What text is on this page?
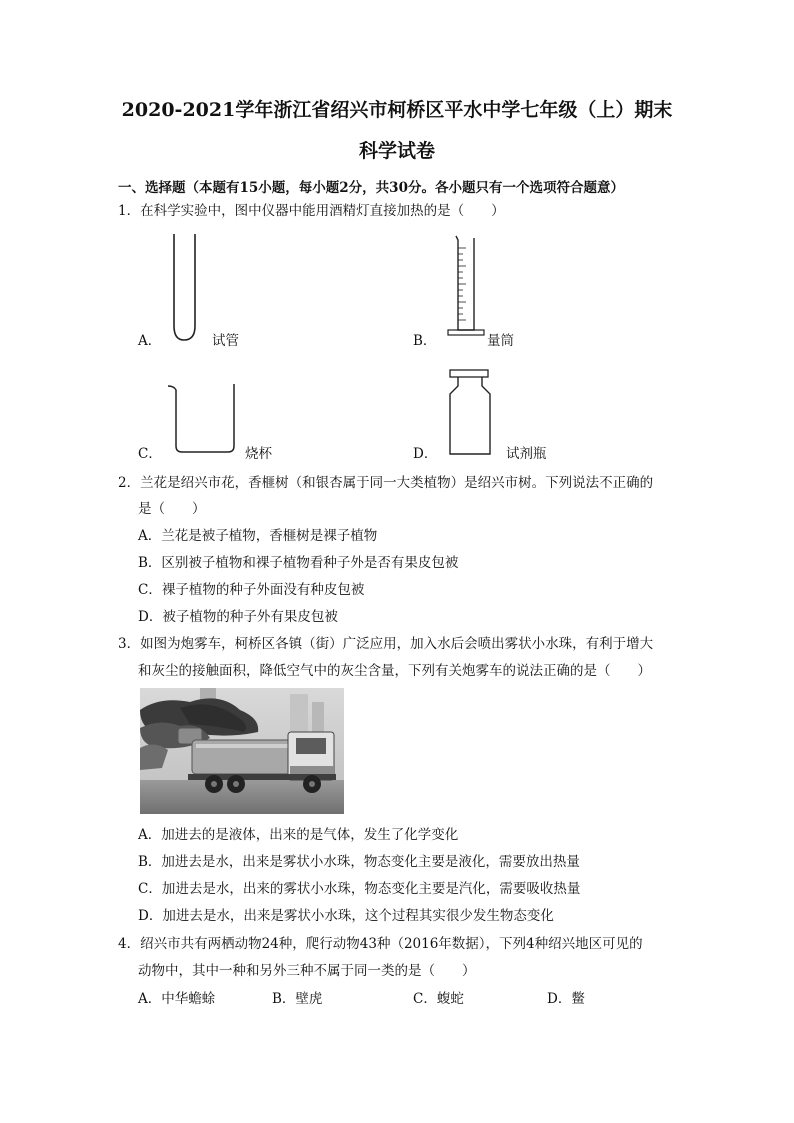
2020-2021学年浙江省绍兴市柯桥区平水中学七年级（上）期末
科学试卷
一、选择题（本题有15小题，每小题2分，共30分。各小题只有一个选项符合题意）
1．在科学实验中，图中仪器中能用酒精灯直接加热的是（　　）
A．	试管	B．	量筒
C．	烧杯	D．	试剂瓶
2．兰花是绍兴市花，香榧树（和银杏属于同一大类植物）是绍兴市树。下列说法不正确的
是（　　）
A．兰花是被子植物，香榧树是裸子植物
B．区别被子植物和裸子植物看种子外是否有果皮包被
C．裸子植物的种子外面没有种皮包被
D．被子植物的种子外有果皮包被
3．如图为炮雾车，柯桥区各镇（街）广泛应用，加入水后会喷出雾状小水珠，有利于增大
和灰尘的接触面积，降低空气中的灰尘含量，下列有关炮雾车的说法正确的是（　　）
A．加进去的是液体，出来的是气体，发生了化学变化
B．加进去是水，出来是雾状小水珠，物态变化主要是液化，需要放出热量
C．加进去是水，出来的雾状小水珠，物态变化主要是汽化，需要吸收热量
D．加进去是水，出来是雾状小水珠，这个过程其实很少发生物态变化
4．绍兴市共有两栖动物24种，爬行动物43种（2016年数据），下列4种绍兴地区可见的
动物中，其中一种和另外三种不属于同一类的是（　　）
A．中华蟾蜍	B．壁虎	C．蝮蛇	D．鳖
